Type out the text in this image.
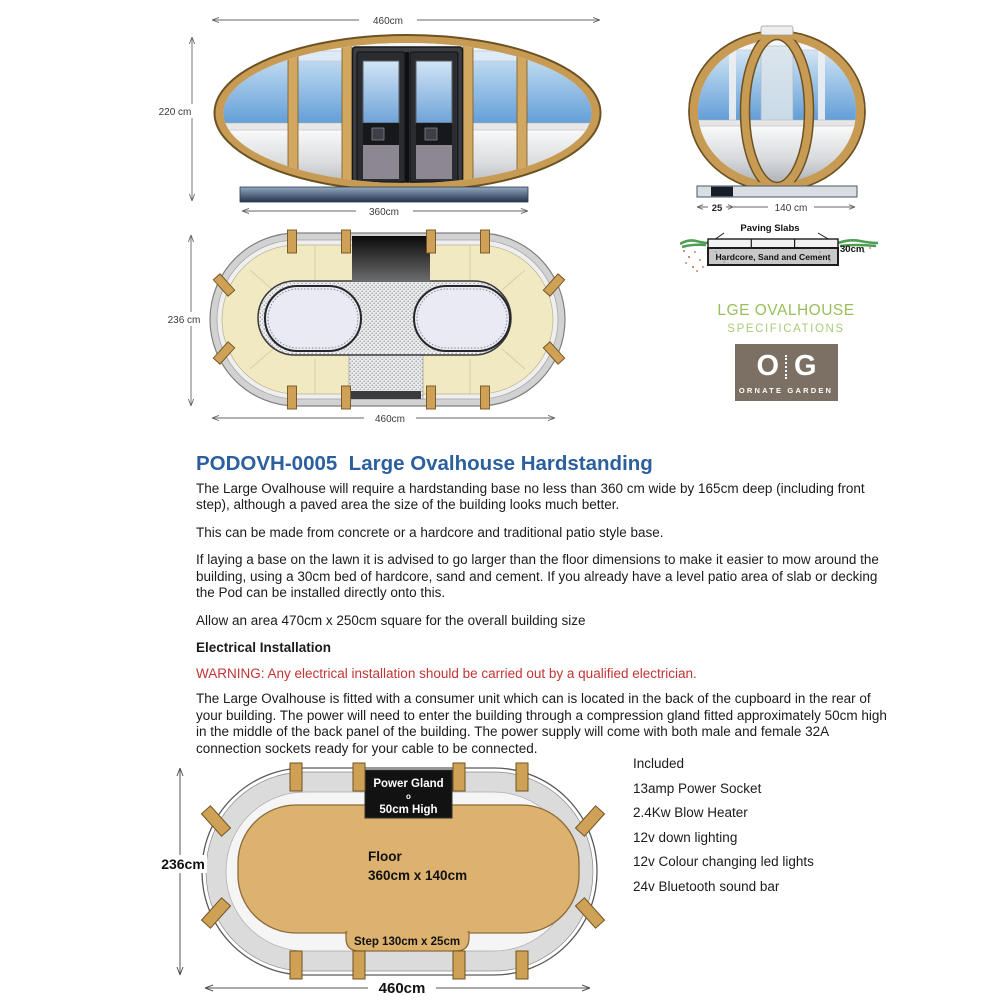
460cm
220 cm
360cm	25	140 cm
Paving Slabs
Hardcore, Sand and Cement
30cm
LGE OVALHOUSE
SPECIFICATIONS
O G
ORNATE GARDEN
236 cm
460cm
PODOVH-0005  Large Ovalhouse Hardstanding

The Large Ovalhouse will require a hardstanding base no less than 360 cm wide by 165cm deep (including front step), although a paved area the size of the building looks much better.

This can be made from concrete or a hardcore and traditional patio style base.

If laying a base on the lawn it is advised to go larger than the floor dimensions to make it easier to mow around the building, using a 30cm bed of hardcore, sand and cement. If you already have a level patio area of slab or decking the Pod can be installed directly onto this.

Allow an area 470cm x 250cm square for the overall building size

Electrical Installation

WARNING: Any electrical installation should be carried out by a qualified electrician.

The Large Ovalhouse is fitted with a consumer unit which can is located in the back of the cupboard in the rear of your building. The power will need to enter the building through a compression gland fitted approximately 50cm high in the middle of the back panel of the building. The power supply will come with both male and female 32A connection sockets ready for your cable to be connected.

Power Gland
o
50cm High
Floor
360cm x 140cm
Step 130cm x 25cm
236cm
460cm
Included
13amp Power Socket
2.4Kw Blow Heater
12v down lighting
12v Colour changing led lights
24v Bluetooth sound bar
